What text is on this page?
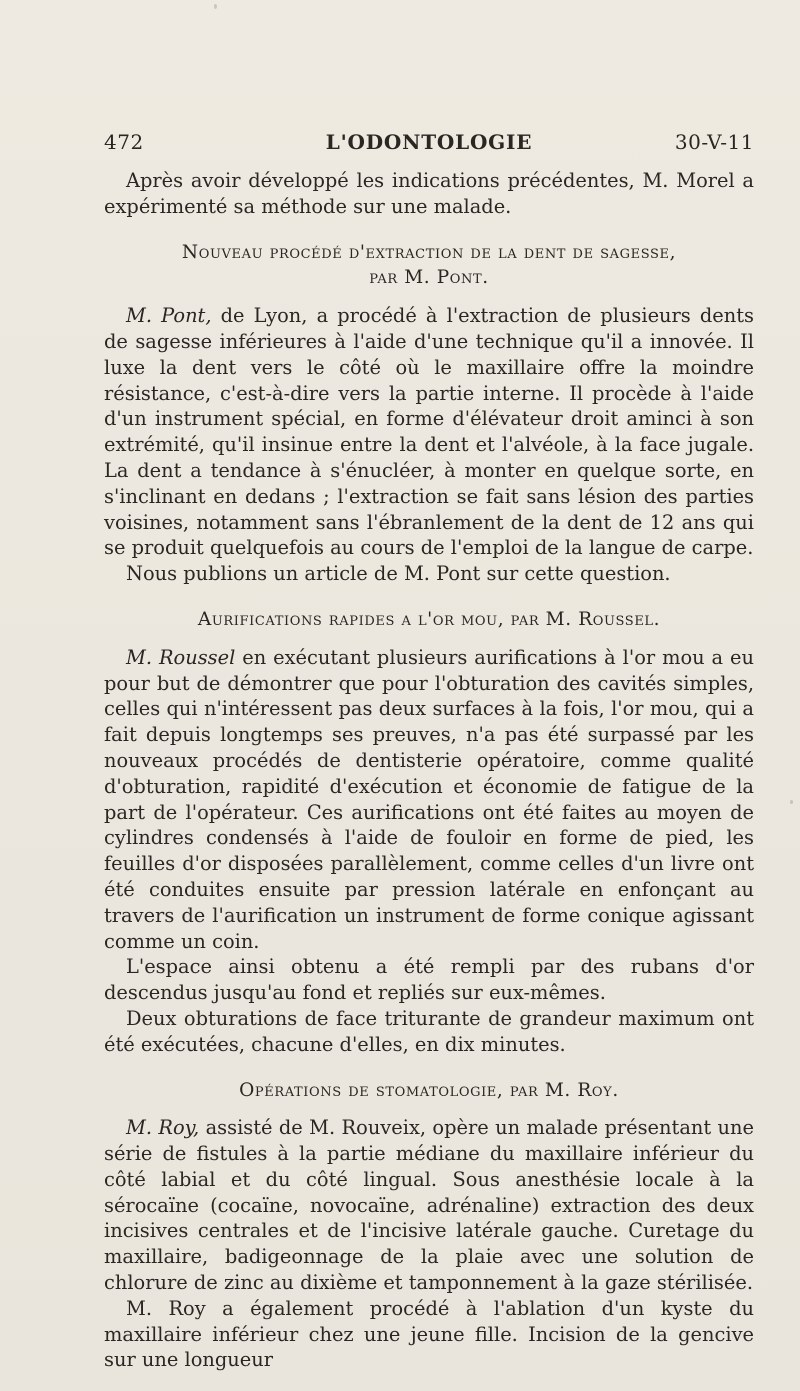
472	L'ODONTOLOGIE	30-V-11

Après avoir développé les indications précédentes, M. Morel a expérimenté sa méthode sur une malade.

Nouveau procédé d'extraction de la dent de sagesse,
par M. Pont.

M. Pont, de Lyon, a procédé à l'extraction de plusieurs dents de sagesse inférieures à l'aide d'une technique qu'il a innovée. Il luxe la dent vers le côté où le maxillaire offre la moindre résistance, c'est-à-dire vers la partie interne. Il procède à l'aide d'un instrument spécial, en forme d'élévateur droit aminci à son extrémité, qu'il insinue entre la dent et l'alvéole, à la face jugale. La dent a tendance à s'énucléer, à monter en quelque sorte, en s'inclinant en dedans ; l'extraction se fait sans lésion des parties voisines, notamment sans l'ébranlement de la dent de 12 ans qui se produit quelquefois au cours de l'emploi de la langue de carpe.

Nous publions un article de M. Pont sur cette question.

Aurifications rapides a l'or mou, par M. Roussel.

M. Roussel en exécutant plusieurs aurifications à l'or mou a eu pour but de démontrer que pour l'obturation des cavités simples, celles qui n'intéressent pas deux surfaces à la fois, l'or mou, qui a fait depuis longtemps ses preuves, n'a pas été surpassé par les nouveaux procédés de dentisterie opératoire, comme qualité d'obturation, rapidité d'exécution et économie de fatigue de la part de l'opérateur. Ces aurifications ont été faites au moyen de cylindres condensés à l'aide de fouloir en forme de pied, les feuilles d'or disposées parallèlement, comme celles d'un livre ont été conduites ensuite par pression latérale en enfonçant au travers de l'aurification un instrument de forme conique agissant comme un coin.

L'espace ainsi obtenu a été rempli par des rubans d'or descendus jusqu'au fond et repliés sur eux-mêmes.

Deux obturations de face triturante de grandeur maximum ont été exécutées, chacune d'elles, en dix minutes.

Opérations de stomatologie, par M. Roy.

M. Roy, assisté de M. Rouveix, opère un malade présentant une série de fistules à la partie médiane du maxillaire inférieur du côté labial et du côté lingual. Sous anesthésie locale à la sérocaïne (cocaïne, novocaïne, adrénaline) extraction des deux incisives centrales et de l'incisive latérale gauche. Curetage du maxillaire, badigeonnage de la plaie avec une solution de chlorure de zinc au dixième et tamponnement à la gaze stérilisée.

M. Roy a également procédé à l'ablation d'un kyste du maxillaire inférieur chez une jeune fille. Incision de la gencive sur une longueur
